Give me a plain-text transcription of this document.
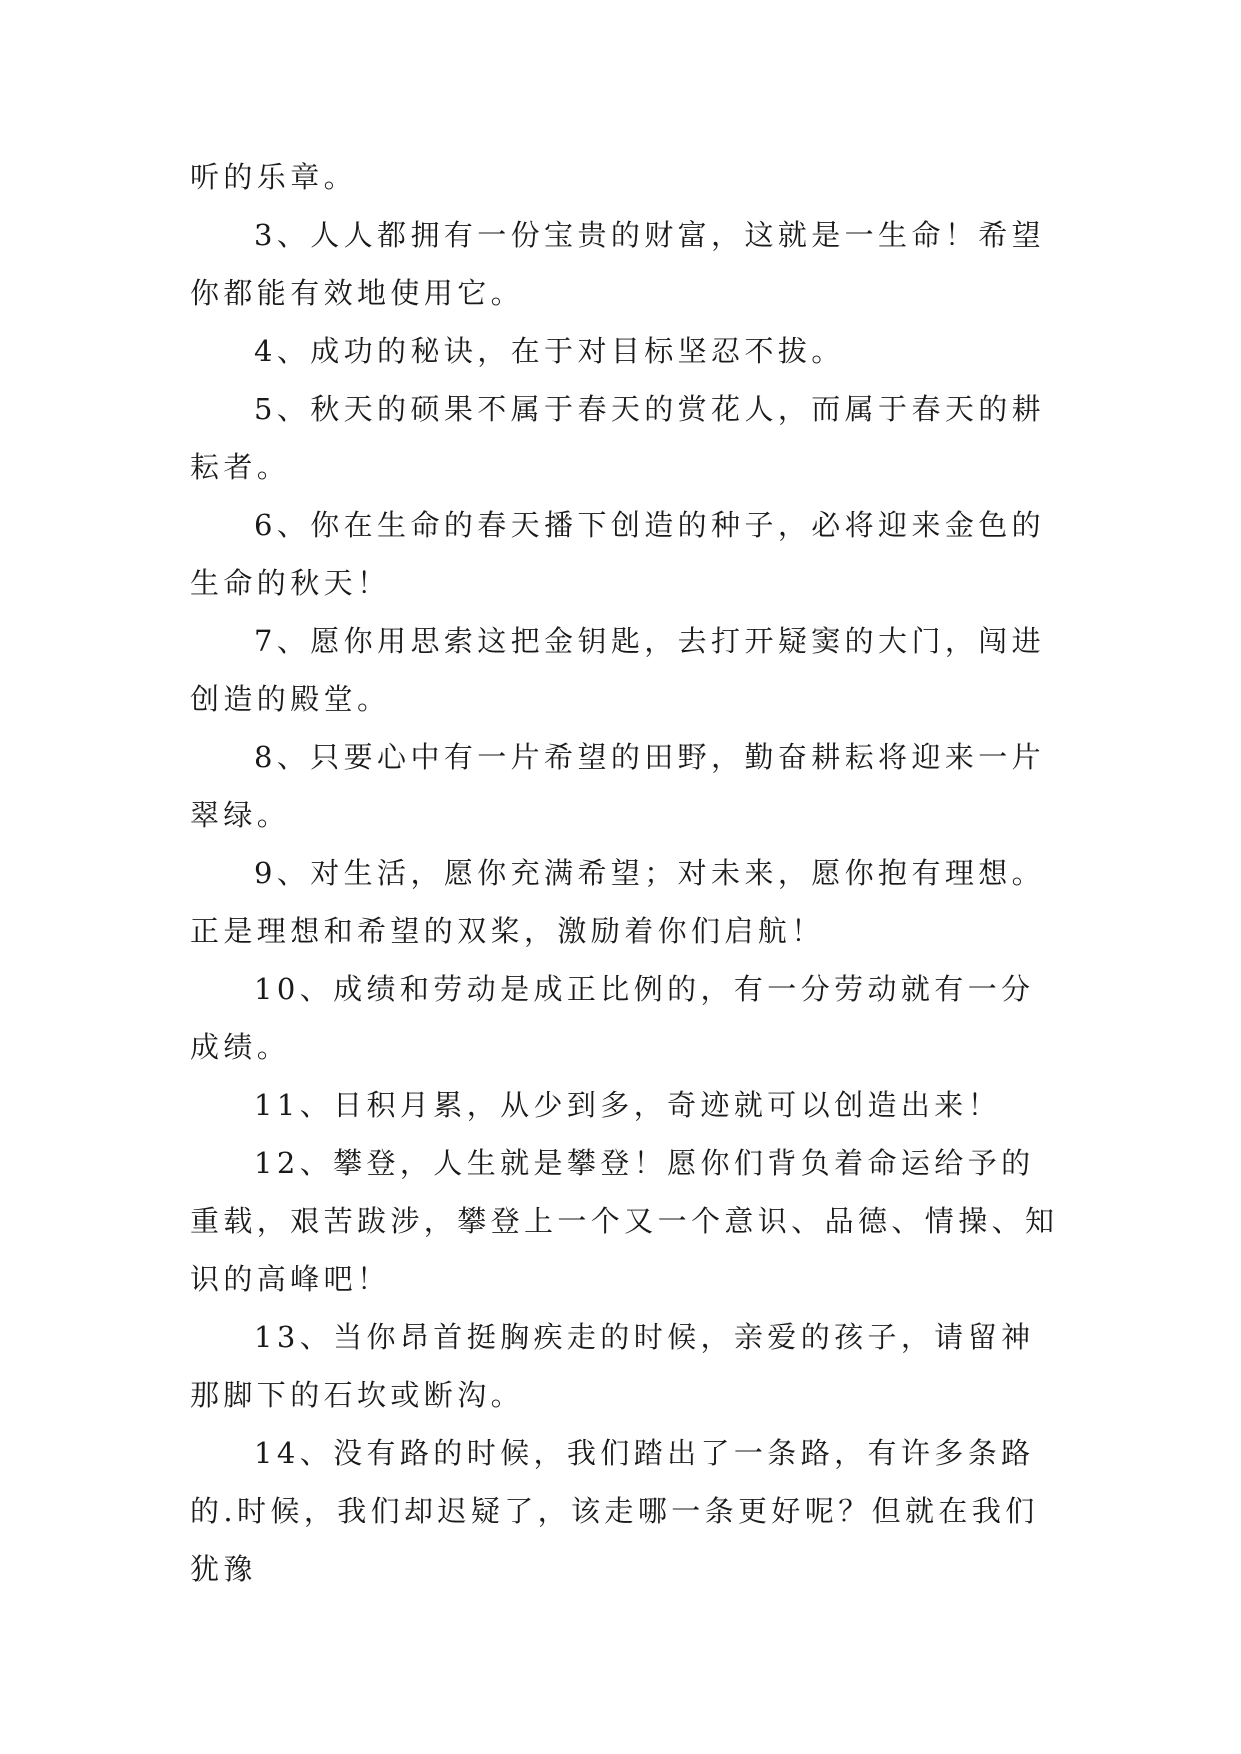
听的乐章。

3、人人都拥有一份宝贵的财富，这就是一生命！希望你都能有效地使用它。

4、成功的秘诀，在于对目标坚忍不拔。

5、秋天的硕果不属于春天的赏花人，而属于春天的耕耘者。

6、你在生命的春天播下创造的种子，必将迎来金色的生命的秋天！

7、愿你用思索这把金钥匙，去打开疑窦的大门，闯进创造的殿堂。

8、只要心中有一片希望的田野，勤奋耕耘将迎来一片翠绿。

9、对生活，愿你充满希望；对未来，愿你抱有理想。正是理想和希望的双桨，激励着你们启航！

10、成绩和劳动是成正比例的，有一分劳动就有一分成绩。

11、日积月累，从少到多，奇迹就可以创造出来！

12、攀登，人生就是攀登！愿你们背负着命运给予的重载，艰苦跋涉，攀登上一个又一个意识、品德、情操、知识的高峰吧！

13、当你昂首挺胸疾走的时候，亲爱的孩子，请留神那脚下的石坎或断沟。

14、没有路的时候，我们踏出了一条路，有许多条路的.时候，我们却迟疑了，该走哪一条更好呢？但就在我们犹豫
